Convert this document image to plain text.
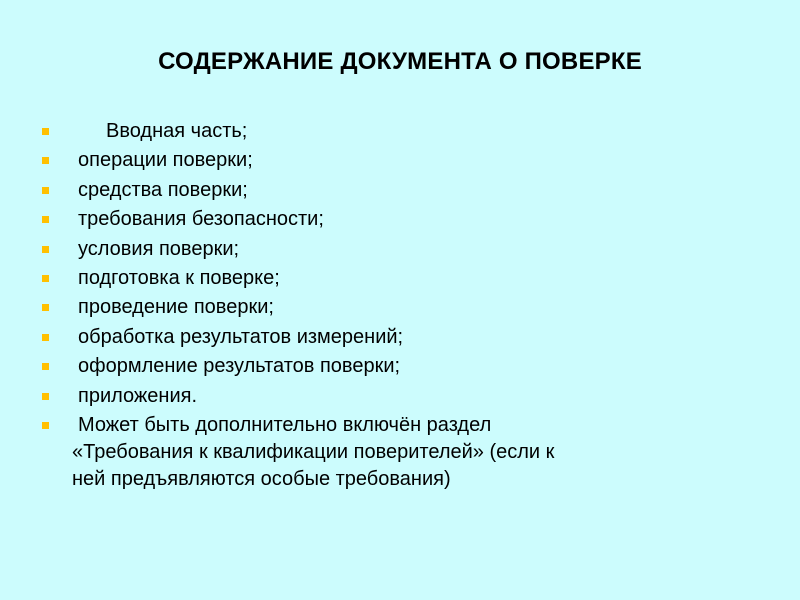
СОДЕРЖАНИЕ ДОКУМЕНТА О ПОВЕРКЕ
Вводная часть;
операции поверки;
средства поверки;
требования безопасности;
условия поверки;
подготовка к поверке;
проведение поверки;
обработка результатов измерений;
оформление результатов поверки;
приложения.
Может быть дополнительно включён раздел
«Требования к квалификации поверителей» (если к
ней предъявляются особые требования)
